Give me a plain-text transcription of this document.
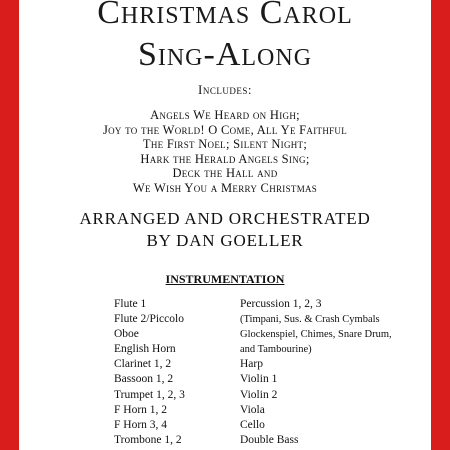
Christmas Carol
Sing-Along
Includes:
Angels We Heard on High;
Joy to the World! O Come, All Ye Faithful
The First Noel; Silent Night;
Hark the Herald Angels Sing;
Deck the Hall and
We Wish You a Merry Christmas
ARRANGED AND ORCHESTRATED
BY DAN GOELLER
INSTRUMENTATION
Flute 1
Flute 2/Piccolo
Oboe
English Horn
Clarinet 1, 2
Bassoon 1, 2
Trumpet 1, 2, 3
F Horn 1, 2
F Horn 3, 4
Trombone 1, 2
Percussion 1, 2, 3
(Timpani, Sus. & Crash Cymbals
Glockenspiel, Chimes, Snare Drum,
and Tambourine)
Harp
Violin 1
Violin 2
Viola
Cello
Double Bass
